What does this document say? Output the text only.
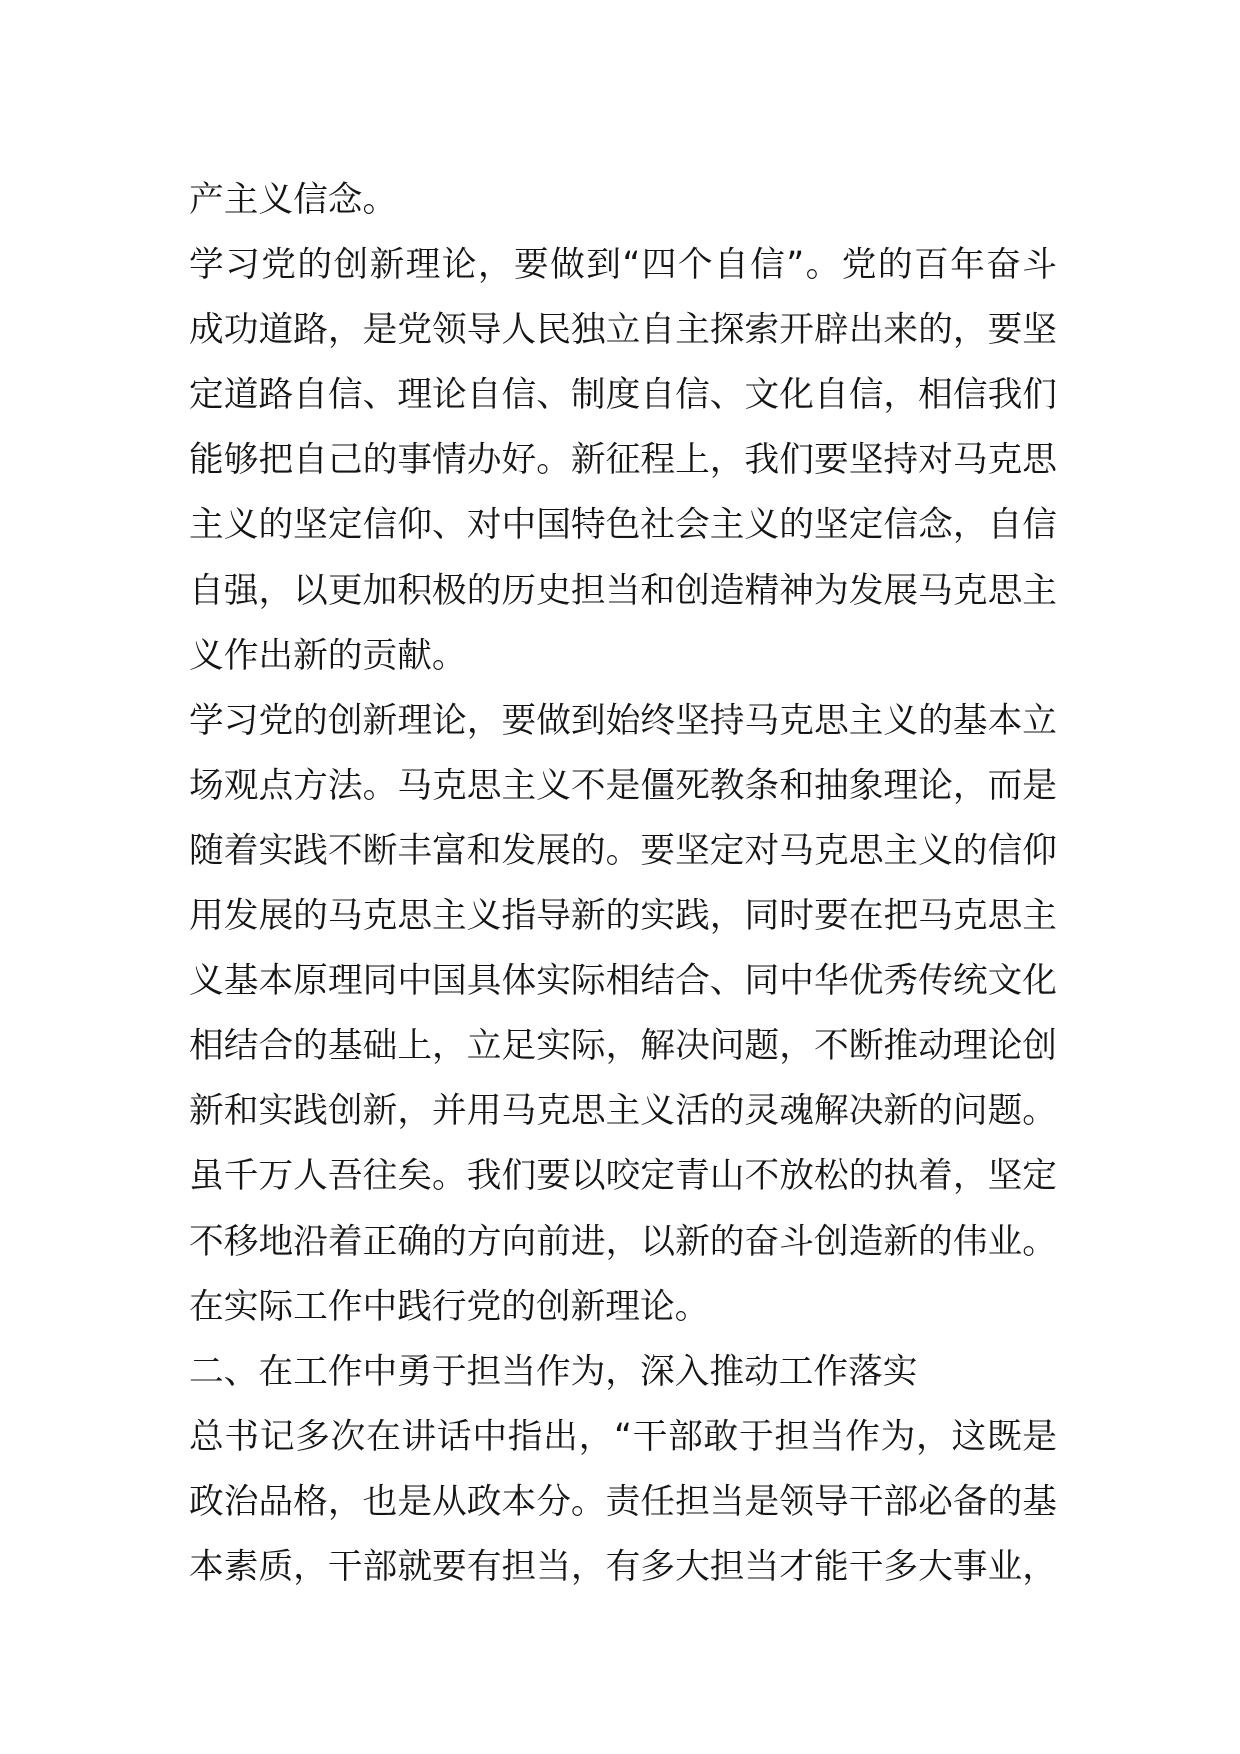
产主义信念。
学习党的创新理论，要做到“四个自信”。党的百年奋斗
成功道路，是党领导人民独立自主探索开辟出来的，要坚
定道路自信、理论自信、制度自信、文化自信，相信我们
能够把自己的事情办好。新征程上，我们要坚持对马克思
主义的坚定信仰、对中国特色社会主义的坚定信念，自信
自强，以更加积极的历史担当和创造精神为发展马克思主
义作出新的贡献。
学习党的创新理论，要做到始终坚持马克思主义的基本立
场观点方法。马克思主义不是僵死教条和抽象理论，而是
随着实践不断丰富和发展的。要坚定对马克思主义的信仰
用发展的马克思主义指导新的实践，同时要在把马克思主
义基本原理同中国具体实际相结合、同中华优秀传统文化
相结合的基础上，立足实际，解决问题，不断推动理论创
新和实践创新，并用马克思主义活的灵魂解决新的问题。
虽千万人吾往矣。我们要以咬定青山不放松的执着，坚定
不移地沿着正确的方向前进，以新的奋斗创造新的伟业。
在实际工作中践行党的创新理论。
二、在工作中勇于担当作为，深入推动工作落实
总书记多次在讲话中指出，“干部敢于担当作为，这既是
政治品格，也是从政本分。责任担当是领导干部必备的基
本素质，干部就要有担当，有多大担当才能干多大事业，
